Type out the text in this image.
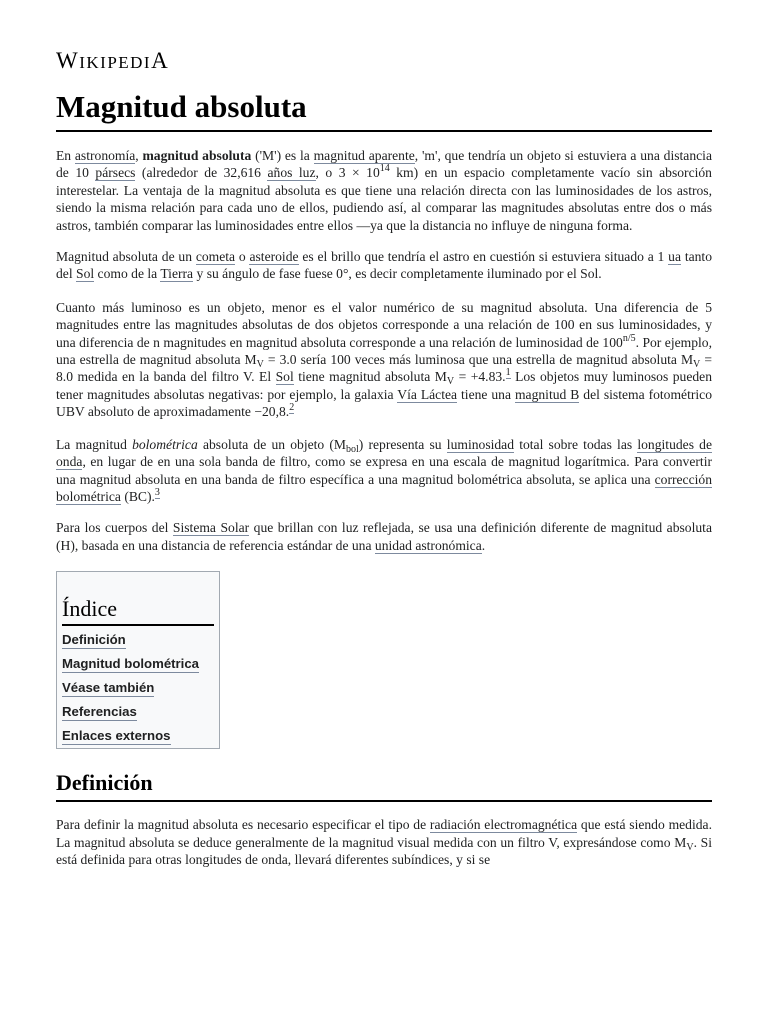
WIKIPEDIA
Magnitud absoluta

En astronomía, magnitud absoluta ('M') es la magnitud aparente, 'm', que tendría un objeto si estuviera a una distancia de 10 pársecs (alrededor de 32,616 años luz, o $3 \times 10^{14}$ km) en un espacio completamente vacío sin absorción interestelar. La ventaja de la magnitud absoluta es que tiene una relación directa con las luminosidades de los astros, siendo la misma relación para cada uno de ellos, pudiendo así, al comparar las magnitudes absolutas entre dos o más astros, también comparar las luminosidades entre ellos —ya que la distancia no influye de ninguna forma.

Magnitud absoluta de un cometa o asteroide es el brillo que tendría el astro en cuestión si estuviera situado a 1 ua tanto del Sol como de la Tierra y su ángulo de fase fuese 0°, es decir completamente iluminado por el Sol.

Cuanto más luminoso es un objeto, menor es el valor numérico de su magnitud absoluta. Una diferencia de 5 magnitudes entre las magnitudes absolutas de dos objetos corresponde a una relación de 100 en sus luminosidades, y una diferencia de n magnitudes en magnitud absoluta corresponde a una relación de luminosidad de $100^{n/5}$. Por ejemplo, una estrella de magnitud absoluta $M_V = 3.0$ sería 100 veces más luminosa que una estrella de magnitud absoluta $M_V = 8.0$ medida en la banda del filtro V. El Sol tiene magnitud absoluta $M_V = +4.83.^1$ Los objetos muy luminosos pueden tener magnitudes absolutas negativas: por ejemplo, la galaxia Vía Láctea tiene una magnitud B del sistema fotométrico UBV absoluto de aproximadamente −20,8.$^2$

La magnitud bolométrica absoluta de un objeto $(M_{bol})$ representa su luminosidad total sobre todas las longitudes de onda, en lugar de en una sola banda de filtro, como se expresa en una escala de magnitud logarítmica. Para convertir una magnitud absoluta en una banda de filtro específica a una magnitud bolométrica absoluta, se aplica una corrección bolométrica (BC).$^3$

Para los cuerpos del Sistema Solar que brillan con luz reflejada, se usa una definición diferente de magnitud absoluta (H), basada en una distancia de referencia estándar de una unidad astronómica.

Índice
Definición
Magnitud bolométrica
Véase también
Referencias
Enlaces externos
Definición

Para definir la magnitud absoluta es necesario especificar el tipo de radiación electromagnética que está siendo medida. La magnitud absoluta se deduce generalmente de la magnitud visual medida con un filtro V, expresándose como $M_V$. Si está definida para otras longitudes de onda, llevará diferentes subíndices, y si se
